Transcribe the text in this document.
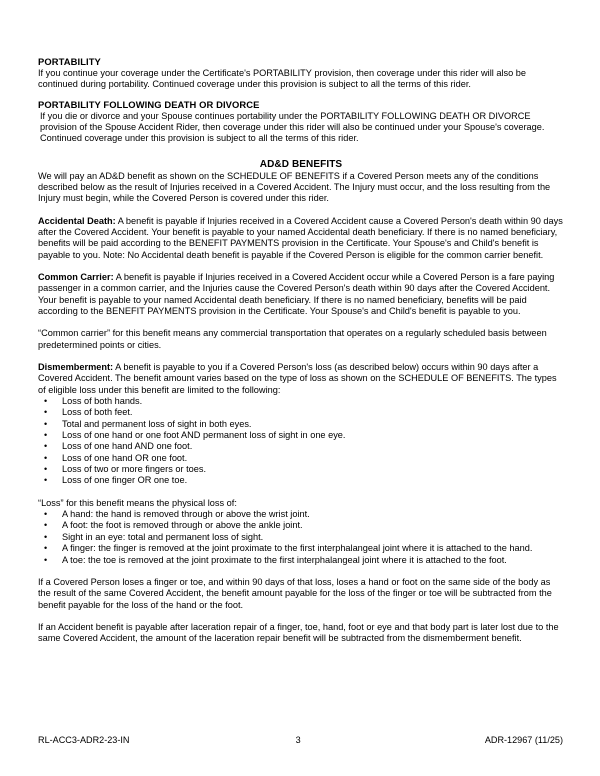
PORTABILITY

If you continue your coverage under the Certificate's PORTABILITY provision, then coverage under this rider will also be continued during portability. Continued coverage under this provision is subject to all the terms of this rider.

PORTABILITY FOLLOWING DEATH OR DIVORCE

If you die or divorce and your Spouse continues portability under the PORTABILITY FOLLOWING DEATH OR DIVORCE provision of the Spouse Accident Rider, then coverage under this rider will also be continued under your Spouse's coverage. Continued coverage under this provision is subject to all the terms of this rider.

AD&D BENEFITS

We will pay an AD&D benefit as shown on the SCHEDULE OF BENEFITS if a Covered Person meets any of the conditions described below as the result of Injuries received in a Covered Accident. The Injury must occur, and the loss resulting from the Injury must begin, while the Covered Person is covered under this rider.

Accidental Death: A benefit is payable if Injuries received in a Covered Accident cause a Covered Person's death within 90 days after the Covered Accident. Your benefit is payable to your named Accidental death beneficiary. If there is no named beneficiary, benefits will be paid according to the BENEFIT PAYMENTS provision in the Certificate. Your Spouse's and Child's benefit is payable to you. Note: No Accidental death benefit is payable if the Covered Person is eligible for the common carrier benefit.

Common Carrier: A benefit is payable if Injuries received in a Covered Accident occur while a Covered Person is a fare paying passenger in a common carrier, and the Injuries cause the Covered Person's death within 90 days after the Covered Accident. Your benefit is payable to your named Accidental death beneficiary. If there is no named beneficiary, benefits will be paid according to the BENEFIT PAYMENTS provision in the Certificate. Your Spouse's and Child's benefit is payable to you.

“Common carrier” for this benefit means any commercial transportation that operates on a regularly scheduled basis between predetermined points or cities.

Dismemberment: A benefit is payable to you if a Covered Person's loss (as described below) occurs within 90 days after a Covered Accident. The benefit amount varies based on the type of loss as shown on the SCHEDULE OF BENEFITS. The types of eligible loss under this benefit are limited to the following:

• Loss of both hands.
• Loss of both feet.
• Total and permanent loss of sight in both eyes.
• Loss of one hand or one foot AND permanent loss of sight in one eye.
• Loss of one hand AND one foot.
• Loss of one hand OR one foot.
• Loss of two or more fingers or toes.
• Loss of one finger OR one toe.

“Loss” for this benefit means the physical loss of:

• A hand: the hand is removed through or above the wrist joint.
• A foot: the foot is removed through or above the ankle joint.
• Sight in an eye: total and permanent loss of sight.
• A finger: the finger is removed at the joint proximate to the first interphalangeal joint where it is attached to the hand.
• A toe: the toe is removed at the joint proximate to the first interphalangeal joint where it is attached to the foot.

If a Covered Person loses a finger or toe, and within 90 days of that loss, loses a hand or foot on the same side of the body as the result of the same Covered Accident, the benefit amount payable for the loss of the finger or toe will be subtracted from the benefit payable for the loss of the hand or the foot.

If an Accident benefit is payable after laceration repair of a finger, toe, hand, foot or eye and that body part is later lost due to the same Covered Accident, the amount of the laceration repair benefit will be subtracted from the dismemberment benefit.

RL-ACC3-ADR2-23-IN	3	ADR-12967 (11/25)
